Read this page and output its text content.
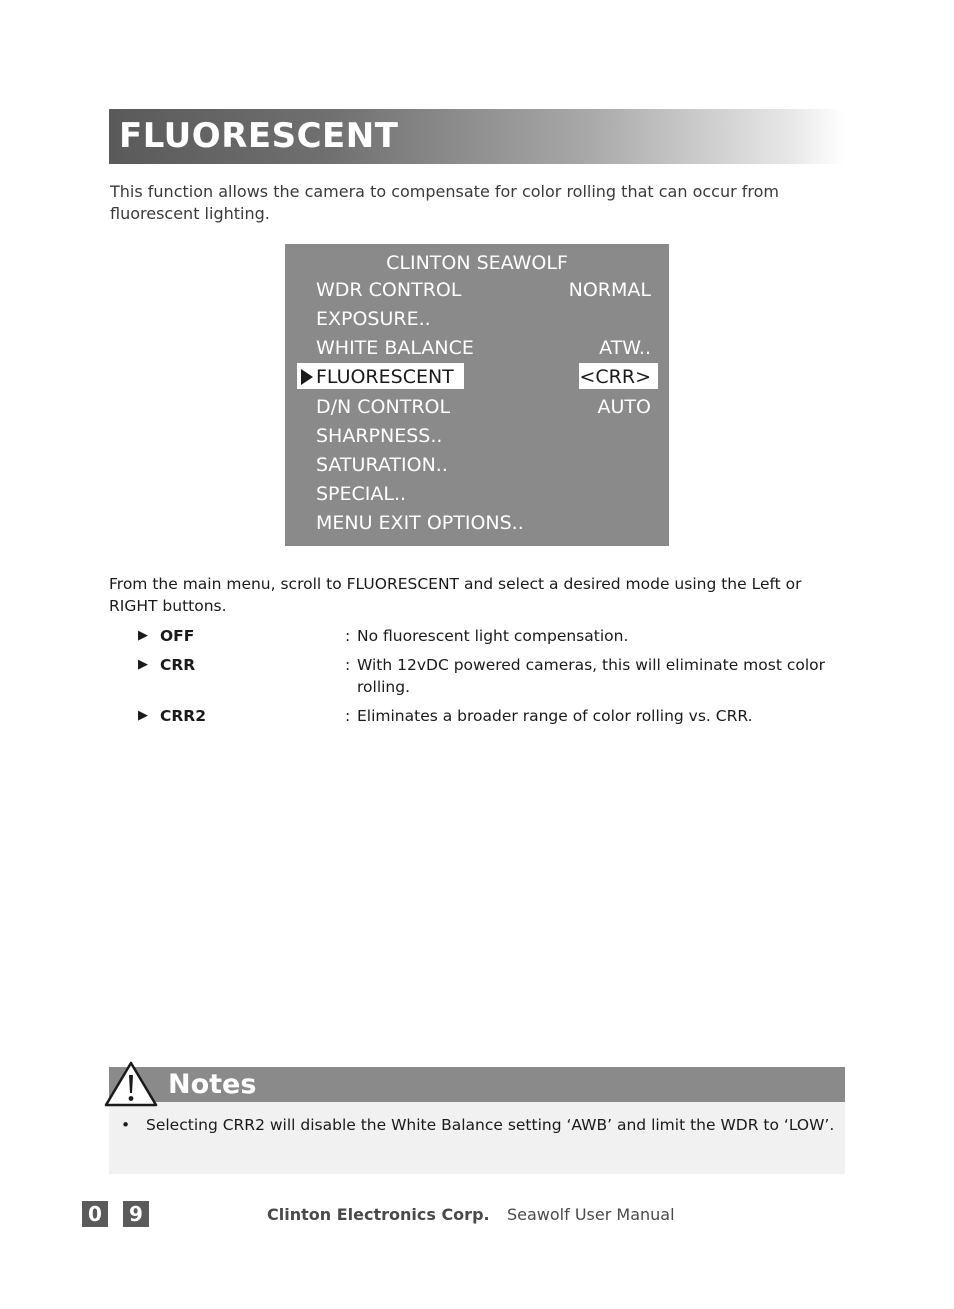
FLUORESCENT

This function allows the camera to compensate for color rolling that can occur from fluorescent lighting.

CLINTON SEAWOLF
WDR CONTROL	NORMAL
EXPOSURE..
WHITE BALANCE	ATW..
FLUORESCENT	<CRR>
D/N CONTROL	AUTO
SHARPNESS..
SATURATION..
SPECIAL..
MENU EXIT OPTIONS..

From the main menu, scroll to FLUORESCENT and select a desired mode using the Left or RIGHT buttons.

▶ OFF	: No fluorescent light compensation.
▶ CRR	: With 12vDC powered cameras, this will eliminate most color rolling.
▶ CRR2	: Eliminates a broader range of color rolling vs. CRR.
Notes
• Selecting CRR2 will disable the White Balance setting ‘AWB’ and limit the WDR to ‘LOW’.

0	9	Clinton Electronics Corp. Seawolf User Manual
